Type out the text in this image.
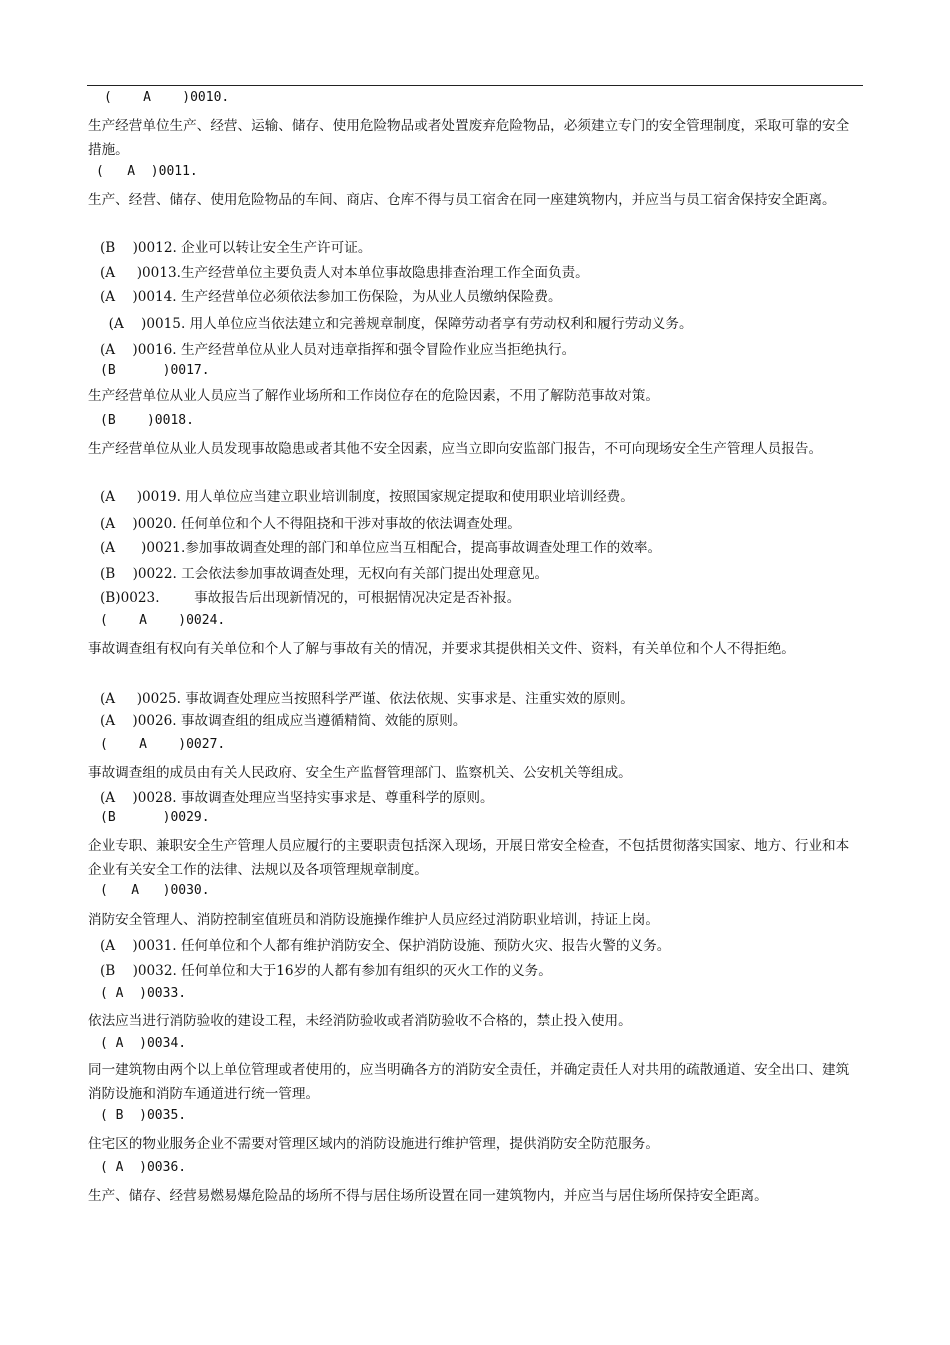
(    A    )0010.
生产经营单位生产、经营、运输、储存、使用危险物品或者处置废弃危险物品，必须建立专门的安全管理制度，采取可靠的安全措施。
(   A  )0011.
生产、经营、储存、使用危险物品的车间、商店、仓库不得与员工宿舍在同一座建筑物内，并应当与员工宿舍保持安全距离。
(B    )0012. 企业可以转让安全生产许可证。
(A     )0013.生产经营单位主要负责人对本单位事故隐患排查治理工作全面负责。
(A    )0014. 生产经营单位必须依法参加工伤保险，为从业人员缴纳保险费。
(A    )0015. 用人单位应当依法建立和完善规章制度，保障劳动者享有劳动权利和履行劳动义务。
(A    )0016. 生产经营单位从业人员对违章指挥和强令冒险作业应当拒绝执行。
(B      )0017.
生产经营单位从业人员应当了解作业场所和工作岗位存在的危险因素，不用了解防范事故对策。
(B    )0018.
生产经营单位从业人员发现事故隐患或者其他不安全因素，应当立即向安监部门报告，不可向现场安全生产管理人员报告。
(A     )0019. 用人单位应当建立职业培训制度，按照国家规定提取和使用职业培训经费。
(A    )0020. 任何单位和个人不得阻挠和干涉对事故的依法调查处理。
(A      )0021.参加事故调查处理的部门和单位应当互相配合，提高事故调查处理工作的效率。
(B    )0022. 工会依法参加事故调查处理，无权向有关部门提出处理意见。
(B)0023.        事故报告后出现新情况的，可根据情况决定是否补报。
(    A    )0024.
事故调查组有权向有关单位和个人了解与事故有关的情况，并要求其提供相关文件、资料，有关单位和个人不得拒绝。
(A     )0025. 事故调查处理应当按照科学严谨、依法依规、实事求是、注重实效的原则。
(A    )0026. 事故调查组的组成应当遵循精简、效能的原则。
(    A    )0027.
事故调查组的成员由有关人民政府、安全生产监督管理部门、监察机关、公安机关等组成。
(A    )0028. 事故调查处理应当坚持实事求是、尊重科学的原则。
(B      )0029.
企业专职、兼职安全生产管理人员应履行的主要职责包括深入现场，开展日常安全检查，不包括贯彻落实国家、地方、行业和本企业有关安全工作的法律、法规以及各项管理规章制度。
(   A   )0030.
消防安全管理人、消防控制室值班员和消防设施操作维护人员应经过消防职业培训，持证上岗。
(A    )0031. 任何单位和个人都有维护消防安全、保护消防设施、预防火灾、报告火警的义务。
(B    )0032. 任何单位和大于16岁的人都有参加有组织的灭火工作的义务。
( A  )0033.
依法应当进行消防验收的建设工程，未经消防验收或者消防验收不合格的，禁止投入使用。
( A  )0034.
同一建筑物由两个以上单位管理或者使用的，应当明确各方的消防安全责任，并确定责任人对共用的疏散通道、安全出口、建筑消防设施和消防车通道进行统一管理。
( B  )0035.
住宅区的物业服务企业不需要对管理区域内的消防设施进行维护管理，提供消防安全防范服务。
( A  )0036.
生产、储存、经营易燃易爆危险品的场所不得与居住场所设置在同一建筑物内，并应当与居住场所保持安全距离。
